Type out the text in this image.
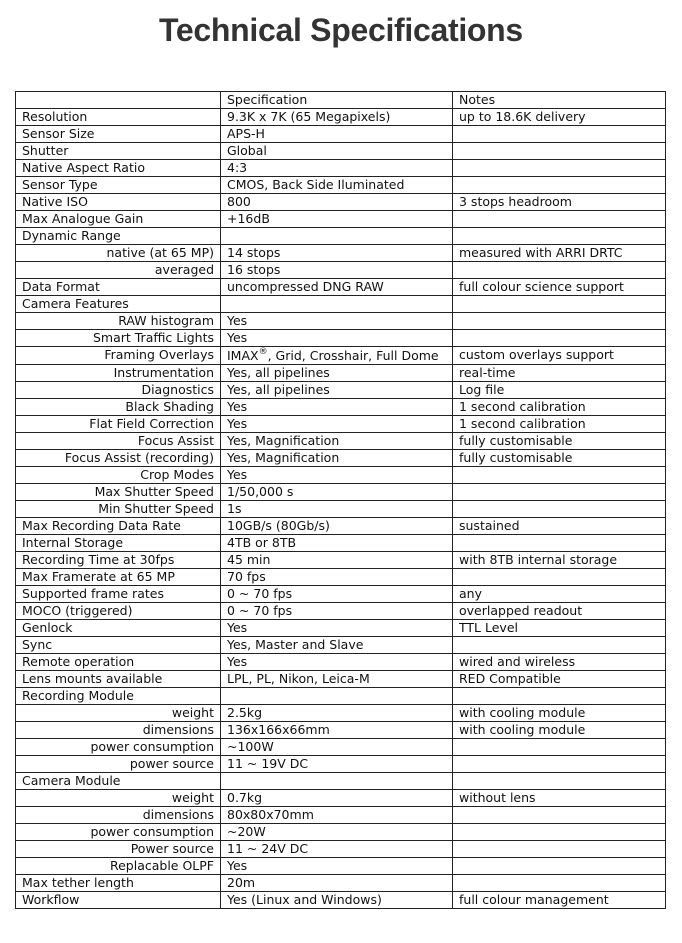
Technical Specifications
	Specification	Notes
Resolution	9.3K x 7K (65 Megapixels)	up to 18.6K delivery
Sensor Size	APS-H	
Shutter	Global	
Native Aspect Ratio	4:3	
Sensor Type	CMOS, Back Side Iluminated	
Native ISO	800	3 stops headroom
Max Analogue Gain	+16dB	
Dynamic Range		
native (at 65 MP)	14 stops	measured with ARRI DRTC
averaged	16 stops	
Data Format	uncompressed DNG RAW	full colour science support
Camera Features		
RAW histogram	Yes	
Smart Traffic Lights	Yes	
Framing Overlays	IMAX®, Grid, Crosshair, Full Dome	custom overlays support
Instrumentation	Yes, all pipelines	real-time
Diagnostics	Yes, all pipelines	Log file
Black Shading	Yes	1 second calibration
Flat Field Correction	Yes	1 second calibration
Focus Assist	Yes, Magnification	fully customisable
Focus Assist (recording)	Yes, Magnification	fully customisable
Crop Modes	Yes	
Max Shutter Speed	1/50,000 s	
Min Shutter Speed	1s	
Max Recording Data Rate	10GB/s (80Gb/s)	sustained
Internal Storage	4TB or 8TB	
Recording Time at 30fps	45 min	with 8TB internal storage
Max Framerate at 65 MP	70 fps	
Supported frame rates	0 ~ 70 fps	any
MOCO (triggered)	0 ~ 70 fps	overlapped readout
Genlock	Yes	TTL Level
Sync	Yes, Master and Slave	
Remote operation	Yes	wired and wireless
Lens mounts available	LPL, PL, Nikon, Leica-M	RED Compatible
Recording Module		
weight	2.5kg	with cooling module
dimensions	136x166x66mm	with cooling module
power consumption	~100W	
power source	11 ~ 19V DC	
Camera Module		
weight	0.7kg	without lens
dimensions	80x80x70mm	
power consumption	~20W	
Power source	11 ~ 24V DC	
Replacable OLPF	Yes	
Max tether length	20m	
Workflow	Yes (Linux and Windows)	full colour management
